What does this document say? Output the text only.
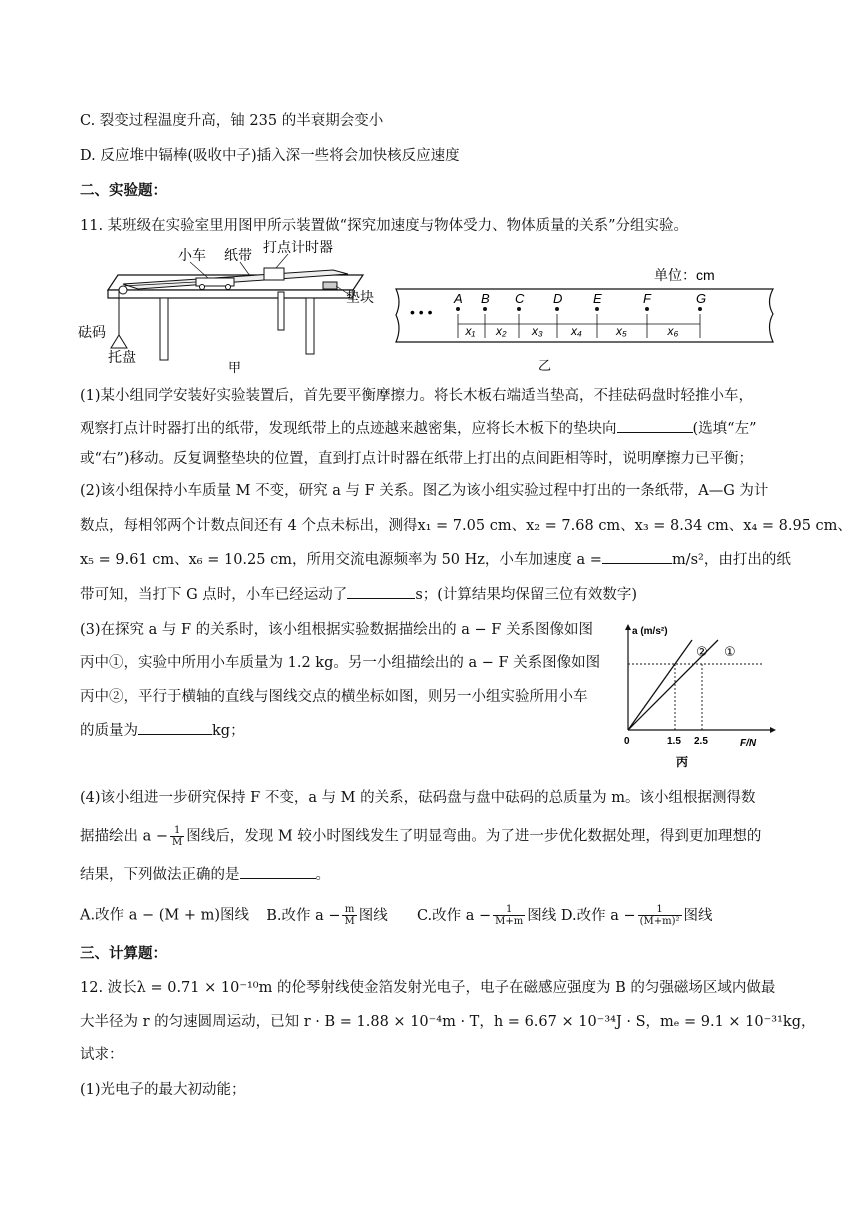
C. 裂变过程温度升高，铀 235 的半衰期会变小
D. 反应堆中镉棒(吸收中子)插入深一些将会加快核反应速度
二、实验题：
11. 某班级在实验室里用图甲所示装置做“探究加速度与物体受力、物体质量的关系”分组实验。
小车 纸带 打点计时器
垫块
砝码
托盘
甲
单位：cm
• • •
A B C D E	F	G
x₁ x₂ x₃ x₄	x₅	x₆
乙
(1)某小组同学安装好实验装置后，首先要平衡摩擦力。将长木板右端适当垫高，不挂砝码盘时轻推小车，
观察打点计时器打出的纸带，发现纸带上的点迹越来越密集，应将长木板下的垫块向	(选填“左”
或“右”)移动。反复调整垫块的位置，直到打点计时器在纸带上打出的点间距相等时，说明摩擦力已平衡；
(2)该小组保持小车质量 M 不变，研究 a 与 F 关系。图乙为该小组实验过程中打出的一条纸带，A—G 为计
数点，每相邻两个计数点间还有 4 个点未标出，测得x₁ = 7.05 cm、x₂ = 7.68 cm、x₃ = 8.34 cm、x₄ = 8.95 cm、
x₅ = 9.61 cm、x₆ = 10.25 cm，所用交流电源频率为 50 Hz，小车加速度 a =	m/s²，由打出的纸
带可知，当打下 G 点时，小车已经运动了	s；(计算结果均保留三位有效数字)
(3)在探究 a 与 F 的关系时，该小组根据实验数据描绘出的 a − F 关系图像如图
丙中①，实验中所用小车质量为 1.2 kg。另一小组描绘出的 a − F 关系图像如图
丙中②，平行于横轴的直线与图线交点的横坐标如图，则另一小组实验所用小车
的质量为	kg；
a (m/s²)
② ①
0	1.5 2.5	F/N
丙
(4)该小组进一步研究保持 F 不变，a 与 M 的关系，砝码盘与盘中砝码的总质量为 m。该小组根据测得数
据描绘出 $a - \frac{1}{M}$ 图线后，发现 M 较小时图线发生了明显弯曲。为了进一步优化数据处理，得到更加理想的
结果，下列做法正确的是	。
A.改作 a − (M + m)图线 B.改作 $a - \frac{m}{M}$ 图线 C.改作 $a - \frac{1}{M+m}$ 图线 D.改作 $a - \frac{1}{\text{(M+m)²}}$ 图线
三、计算题：
12. 波长λ = 0.71 × 10⁻¹⁰m 的伦琴射线使金箔发射光电子，电子在磁感应强度为 B 的匀强磁场区域内做最
大半径为 r 的匀速圆周运动，已知 r · B = 1.88 × 10⁻⁴m · T，h = 6.67 × 10⁻³⁴J · S，mₑ = 9.1 × 10⁻³¹kg，
试求：
(1)光电子的最大初动能；
